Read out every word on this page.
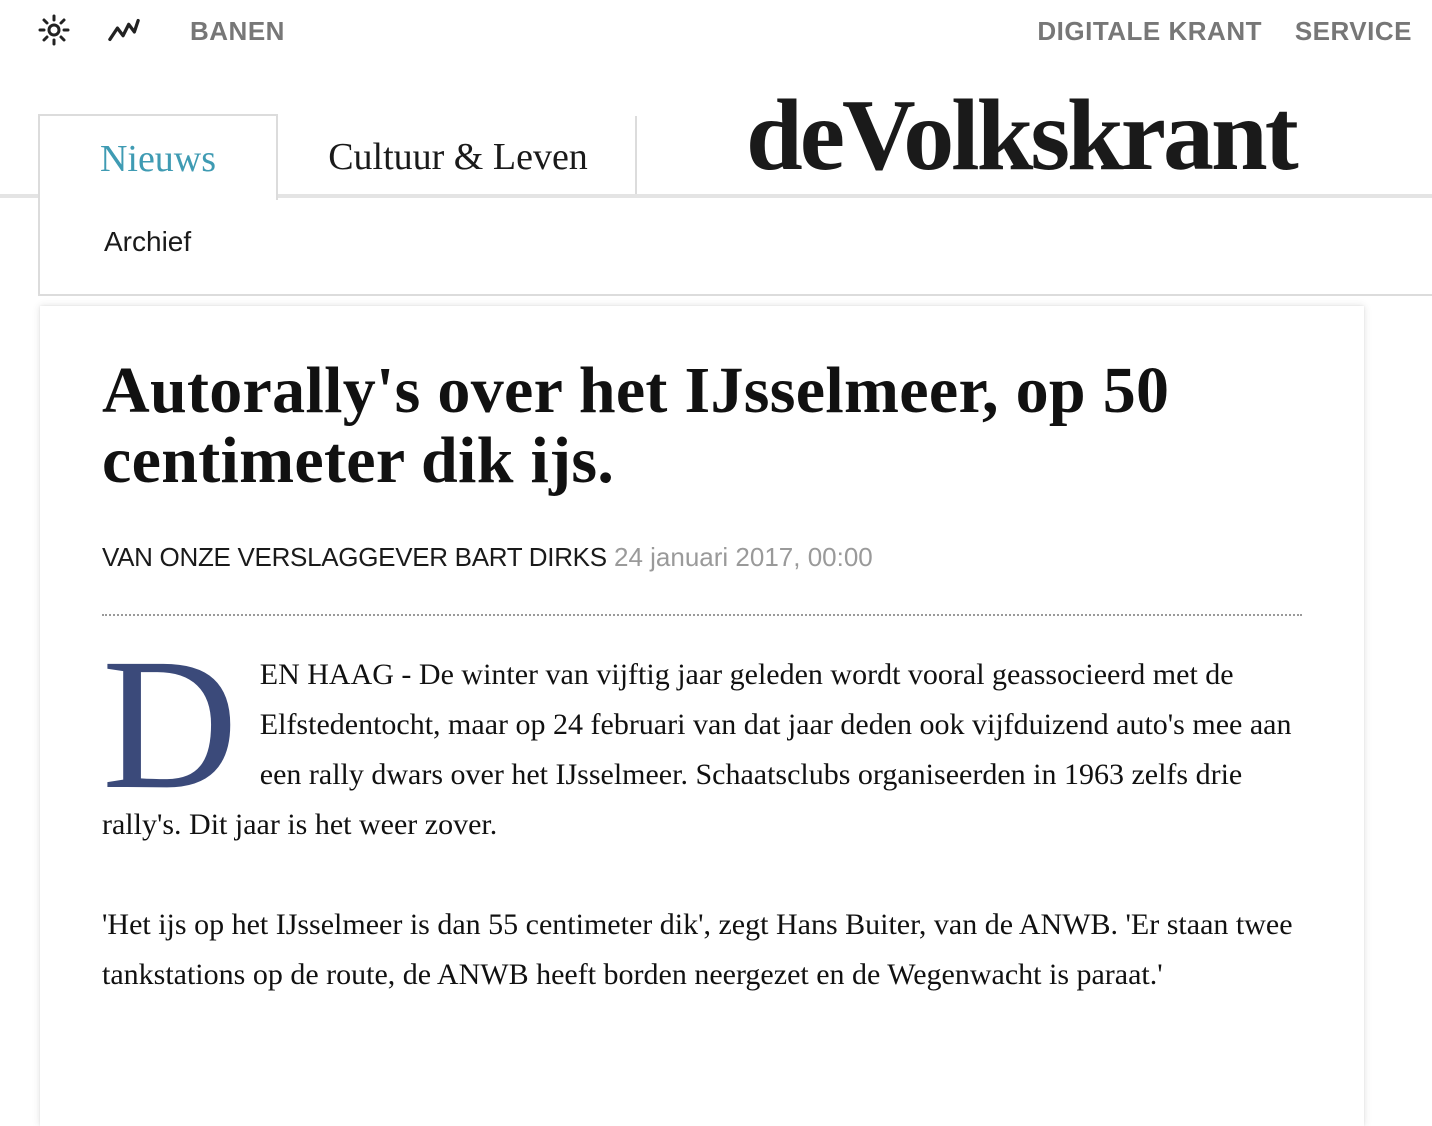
BANEN	DIGITALE KRANT SERVICE
Nieuws	Cultuur & Leven deVolkskrant
Archief
Autorally's over het IJsselmeer, op 50 centimeter dik ijs.
VAN ONZE VERSLAGGEVER BART DIRKS 24 januari 2017, 00:00

DEN HAAG - De winter van vijftig jaar geleden wordt vooral geassocieerd met de Elfstedentocht, maar op 24 februari van dat jaar deden ook vijfduizend auto's mee aan een rally dwars over het IJsselmeer. Schaatsclubs organiseerden in 1963 zelfs drie rally's. Dit jaar is het weer zover.

'Het ijs op het IJsselmeer is dan 55 centimeter dik', zegt Hans Buiter, van de ANWB. 'Er staan twee tankstations op de route, de ANWB heeft borden neergezet en de Wegenwacht is paraat.'
